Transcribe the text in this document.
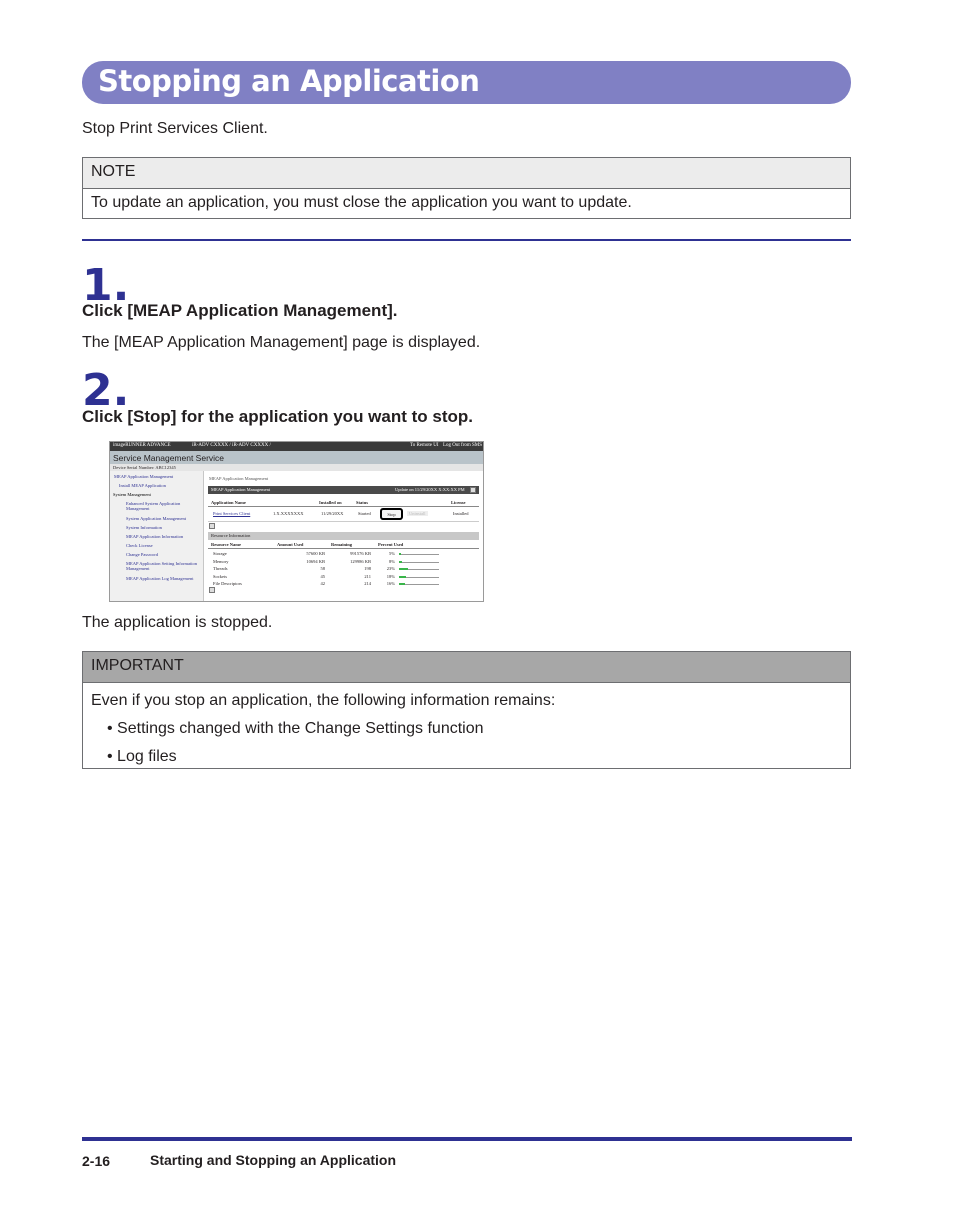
Stopping an Application
Stop Print Services Client.
NOTE
To update an application, you must close the application you want to update.
1.
Click [MEAP Application Management].
The [MEAP Application Management] page is displayed.
2.
Click [Stop] for the application you want to stop.
imageRUNNER ADVANCE	iR-ADV CXXXX / iR-ADV CXXXX /	To Remote UI Log Out from SMS
Service Management Service
Device Serial Number: ABC12345
MEAP Application Management
Install MEAP Application
System Management
Enhanced System Application Management
System Application Management
System Information
MEAP Application Information
Check License
Change Password
MEAP Application Setting Information Management
MEAP Application Log Management
MEAP Application Management
MEAP Application Management	Update on 11/29/20XX X:XX:XX PM
Application Name	Installed on	Status	License
Print Services Client	1.X.XXXXXXX	11/29/20XX	Started	Stop	Uninstall	Installed
Resource Information
Resource Name	Amount Used	Remaining	Percent Used
Storage	57600 KB	991576 KB	5%
Memory	10694 KB	129986 KB	8%
Threads	58	198	23%
Sockets	45	211	18%
File Descriptors	42	214	16%
The application is stopped.
IMPORTANT
Even if you stop an application, the following information remains:
• Settings changed with the Change Settings function
• Log files
2-16	Starting and Stopping an Application
